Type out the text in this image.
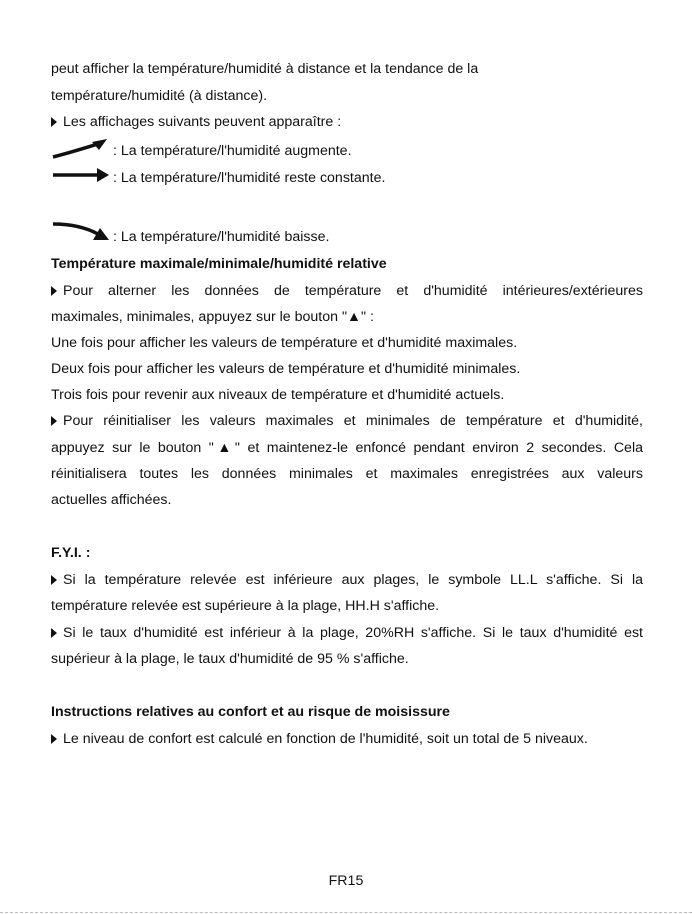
peut afficher la température/humidité à distance et la tendance de la
température/humidité (à distance).
Les affichages suivants peuvent apparaître :
: La température/l'humidité augmente.
: La température/l'humidité reste constante.
: La température/l'humidité baisse.
Température maximale/minimale/humidité relative
Pour alterner les données de température et d'humidité intérieures/extérieures
maximales, minimales, appuyez sur le bouton "▲" :
Une fois pour afficher les valeurs de température et d'humidité maximales.
Deux fois pour afficher les valeurs de température et d'humidité minimales.
Trois fois pour revenir aux niveaux de température et d'humidité actuels.
Pour réinitialiser les valeurs maximales et minimales de température et d'humidité,
appuyez sur le bouton "▲" et maintenez-le enfoncé pendant environ 2 secondes. Cela
réinitialisera toutes les données minimales et maximales enregistrées aux valeurs
actuelles affichées.
F.Y.I. :
Si la température relevée est inférieure aux plages, le symbole LL.L s'affiche. Si la
température relevée est supérieure à la plage, HH.H s'affiche.
Si le taux d'humidité est inférieur à la plage, 20%RH s'affiche. Si le taux d'humidité est
supérieur à la plage, le taux d'humidité de 95 % s'affiche.
Instructions relatives au confort et au risque de moisissure
Le niveau de confort est calculé en fonction de l'humidité, soit un total de 5 niveaux.
FR15
